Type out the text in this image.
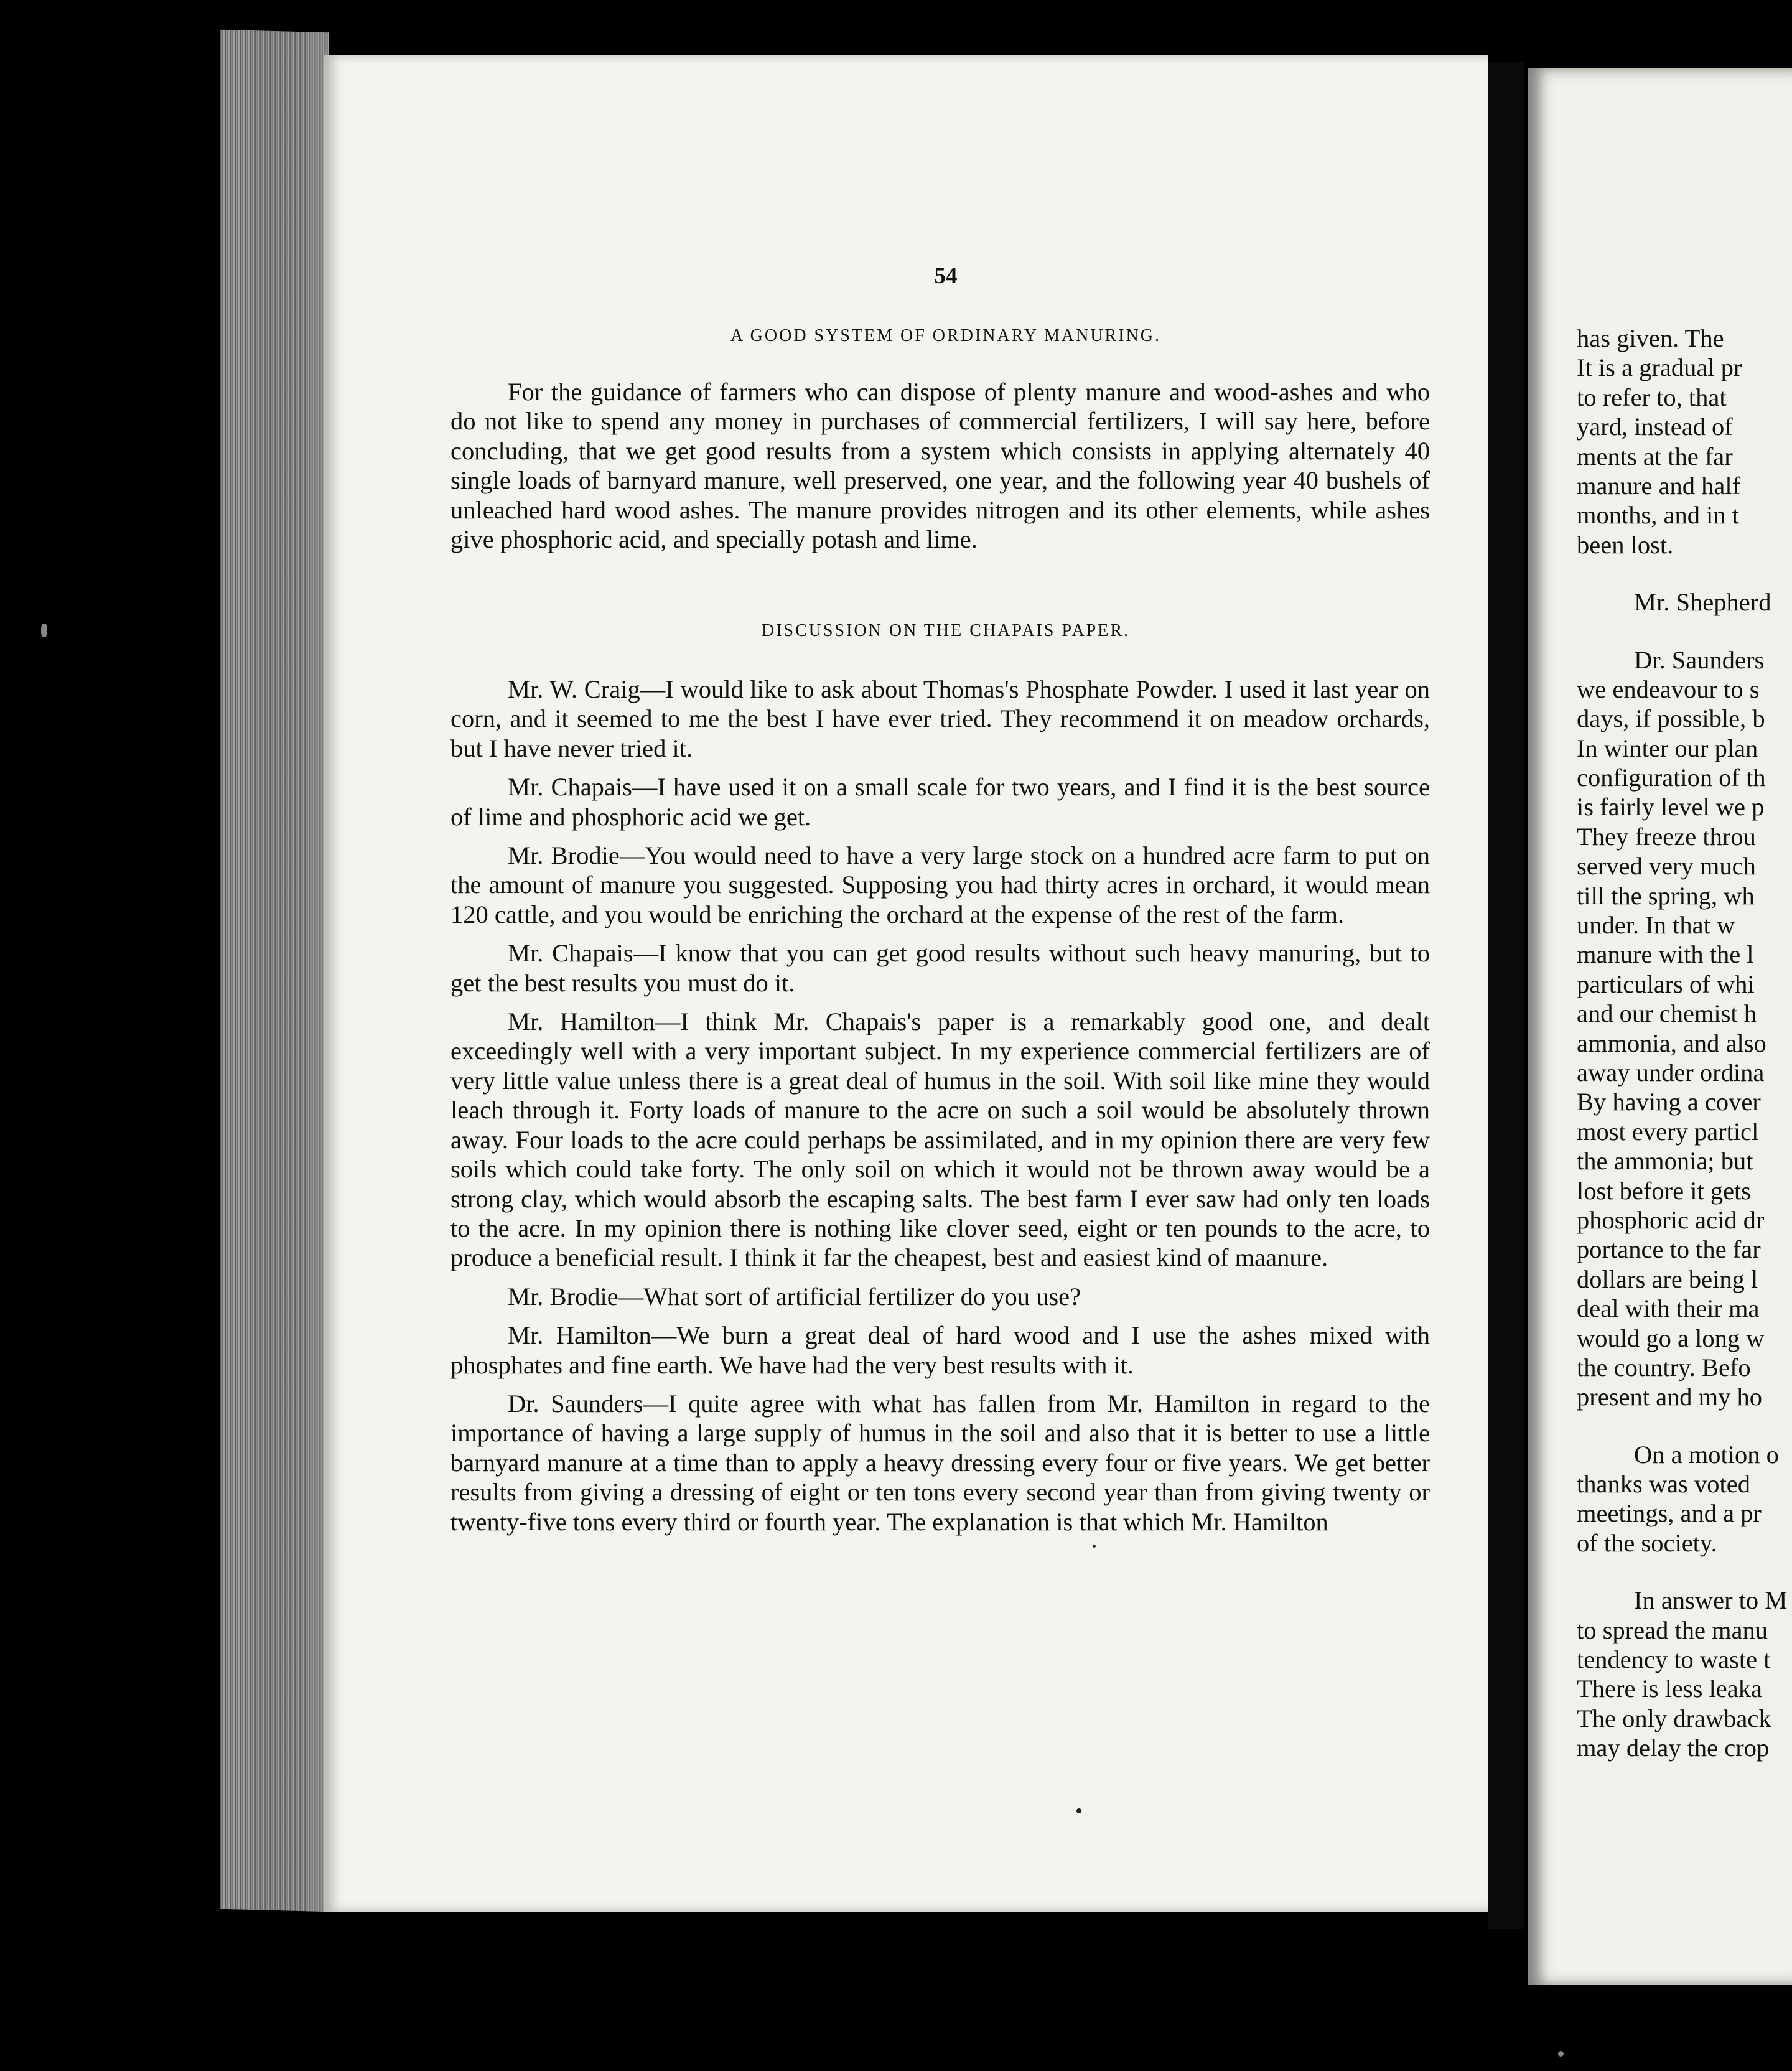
54
A GOOD SYSTEM OF ORDINARY MANURING.

For the guidance of farmers who can dispose of plenty manure and wood-ashes and who do not like to spend any money in purchases of commercial fertilizers, I will say here, before concluding, that we get good results from a system which consists in applying alternately 40 single loads of barnyard manure, well preserved, one year, and the following year 40 bushels of unleached hard wood ashes. The manure provides nitrogen and its other elements, while ashes give phosphoric acid, and specially potash and lime.

DISCUSSION ON THE CHAPAIS PAPER.

Mr. W. Craig—I would like to ask about Thomas's Phosphate Powder. I used it last year on corn, and it seemed to me the best I have ever tried. They recommend it on meadow orchards, but I have never tried it.

Mr. Chapais—I have used it on a small scale for two years, and I find it is the best source of lime and phosphoric acid we get.

Mr. Brodie—You would need to have a very large stock on a hundred acre farm to put on the amount of manure you suggested. Supposing you had thirty acres in orchard, it would mean 120 cattle, and you would be enriching the orchard at the expense of the rest of the farm.

Mr. Chapais—I know that you can get good results without such heavy manuring, but to get the best results you must do it.

Mr. Hamilton—I think Mr. Chapais's paper is a remarkably good one, and dealt exceedingly well with a very important subject. In my experience commercial fertilizers are of very little value unless there is a great deal of humus in the soil. With soil like mine they would leach through it. Forty loads of manure to the acre on such a soil would be absolutely thrown away. Four loads to the acre could perhaps be assimilated, and in my opinion there are very few soils which could take forty. The only soil on which it would not be thrown away would be a strong clay, which would absorb the escaping salts. The best farm I ever saw had only ten loads to the acre. In my opinion there is nothing like clover seed, eight or ten pounds to the acre, to produce a beneficial result. I think it far the cheapest, best and easiest kind of maanure.

Mr. Brodie—What sort of artificial fertilizer do you use?

Mr. Hamilton—We burn a great deal of hard wood and I use the ashes mixed with phosphates and fine earth. We have had the very best results with it.

Dr. Saunders—I quite agree with what has fallen from Mr. Hamilton in regard to the importance of having a large supply of humus in the soil and also that it is better to use a little barnyard manure at a time than to apply a heavy dressing every four or five years. We get better results from giving a dressing of eight or ten tons every second year than from giving twenty or twenty-five tons every third or fourth year. The explanation is that which Mr. Hamilton

has given. The
It is a gradual pr
to refer to, that
yard, instead of
ments at the far
manure and half
months, and in t
been lost.
Mr. Shepherd
Dr. Saunders
we endeavour to s
days, if possible, b
In winter our plan
configuration of th
is fairly level we p
They freeze throu
served very much
till the spring, wh
under. In that w
manure with the l
particulars of whi
and our chemist h
ammonia, and also
away under ordina
By having a cover
most every particl
the ammonia; but
lost before it gets
phosphoric acid dr
portance to the far
dollars are being l
deal with their ma
would go a long w
the country. Befo
present and my ho
On a motion o
thanks was voted
meetings, and a pr
of the society.
In answer to M
to spread the manu
tendency to waste t
There is less leaka
The only drawback
may delay the crop
